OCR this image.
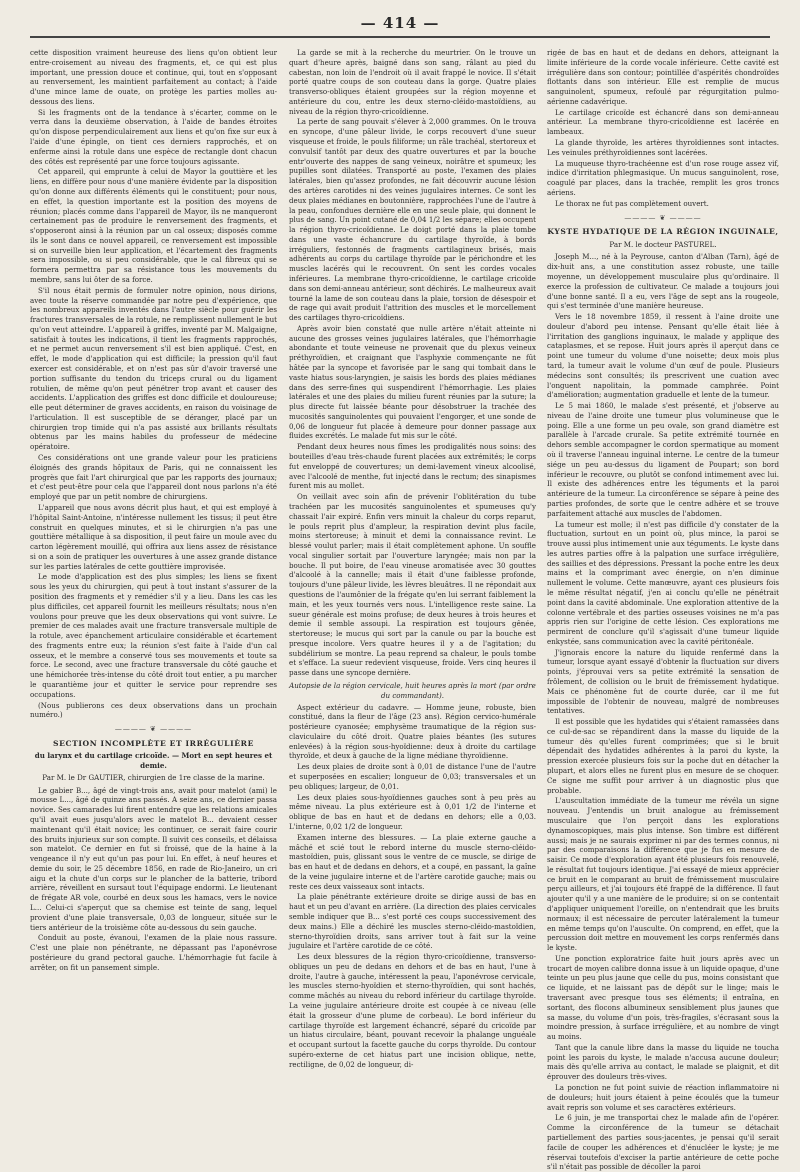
— 414 —

cette disposition vraiment heureuse des liens qu'on obtient leur entre-croisement au niveau des fragments, et, ce qui est plus important, une pression douce et continue, qui, tout en s'opposant au renversement, les maintient parfaitement au contact; à l'aide d'une mince lame de ouate, on protège les parties molles au-dessous des liens.

Si les fragments ont de la tendance à s'écarter, comme on le verra dans la deuxième observation, à l'aide de bandes étroites qu'on dispose perpendiculairement aux liens et qu'on fixe sur eux à l'aide d'une épingle, on tient ces derniers rapprochés, et on enferme ainsi la rotule dans une espèce de rectangle dont chacun des côtés est représenté par une force toujours agissante.

Cet appareil, qui emprunte à celui de Mayor la gouttière et les liens, en diffère pour nous d'une manière évidente par la disposition qu'on donne aux différents éléments qui le constituent; pour nous, en effet, la question importante est la position des moyens de réunion; placés comme dans l'appareil de Mayor, ils ne manqueront certainement pas de produire le renversement des fragments, et s'opposeront ainsi à la réunion par un cal osseux; disposés comme ils le sont dans ce nouvel appareil, ce renversement est impossible si on surveille bien leur application, et l'écartement des fragments sera impossible, ou si peu considérable, que le cal fibreux qui se formera permettra par sa résistance tous les mouvements du membre, sans lui ôter de sa force.

S'il nous était permis de formuler notre opinion, nous dirions, avec toute la réserve commandée par notre peu d'expérience, que les nombreux appareils inventés dans l'autre siècle pour guérir les fractures transversales de la rotule, ne remplissent nullement le but qu'on veut atteindre. L'appareil à griffes, inventé par M. Malgaigne, satisfait à toutes les indications, il tient les fragments rapprochés, et ne permet aucun renversement s'il est bien appliqué. C'est, en effet, le mode d'application qui est difficile; la pression qu'il faut exercer est considérable, et on n'est pas sûr d'avoir traversé une portion suffisante du tendon du triceps crural ou du ligament rotulien, de même qu'on peut pénétrer trop avant et causer des accidents. L'application des griffes est donc difficile et douloureuse; elle peut déterminer de graves accidents, en raison du voisinage de l'articulation. Il est susceptible de se déranger, placé par un chirurgien trop timide qui n'a pas assisté aux brillants résultats obtenus par les mains habiles du professeur de médecine opératoire.

Ces considérations ont une grande valeur pour les praticiens éloignés des grands hôpitaux de Paris, qui ne connaissent les progrès que fait l'art chirurgical que par les rapports des journaux; et c'est peut-être pour cela que l'appareil dont nous parlons n'a été employé que par un petit nombre de chirurgiens.

L'appareil que nous avons décrit plus haut, et qui est employé à l'hôpital Saint-Antoine, n'intéresse nullement les tissus; il peut être construit en quelques minutes, et si le chirurgien n'a pas une gouttière métallique à sa disposition, il peut faire un moule avec du carton légèrement mouillé, qui offrira aux liens assez de résistance si on a soin de pratiquer les ouvertures à une assez grande distance sur les parties latérales de cette gouttière improvisée.

Le mode d'application est des plus simples; les liens se fixent sous les yeux du chirurgien, qui peut à tout instant s'assurer de la position des fragments et y remédier s'il y a lieu. Dans les cas les plus difficiles, cet appareil fournit les meilleurs résultats; nous n'en voulons pour preuve que les deux observations qui vont suivre. Le premier de ces malades avait une fracture transversale multiple de la rotule, avec épanchement articulaire considérable et écartement des fragments entre eux; la réunion s'est faite à l'aide d'un cal osseux, et le membre a conservé tous ses mouvements et toute sa force. Le second, avec une fracture transversale du côté gauche et une hémichorée très-intense du côté droit tout entier, a pu marcher le quarantième jour et quitter le service pour reprendre ses occupations.

(Nous publierons ces deux observations dans un prochain numéro.)

———— ❦ ————
SECTION INCOMPLÈTE ET IRRÉGULIÈRE
du larynx et du cartilage cricoïde. — Mort en sept heures et demie.
Par M. le Dr GAUTIER, chirurgien de 1re classe de la marine.

Le gabier B..., âgé de vingt-trois ans, avait pour matelot (ami) le mousse L..., âgé de quinze ans passés. A seize ans, ce dernier passa novice. Ses camarades lui firent entendre que les relations amicales qu'il avait eues jusqu'alors avec le matelot B... devaient cesser maintenant qu'il était novice; les continuer, ce serait faire courir des bruits injurieux sur son compte. Il suivit ces conseils, et délaissa son matelot. Ce dernier en fut si froissé, que de la haine à la vengeance il n'y eut qu'un pas pour lui. En effet, à neuf heures et demie du soir, le 25 décembre 1856, en rade de Rio-Janeiro, un cri aigu et la chute d'un corps sur le plancher de la batterie, tribord arrière, réveillent en sursaut tout l'équipage endormi. Le lieutenant de frégate AR vole, courbé en deux sous les hamacs, vers le novice L... Celui-ci s'aperçut que sa chemise est teinte de sang, lequel provient d'une plaie transversale, 0,03 de longueur, située sur le tiers antérieur de la troisième côte au-dessous du sein gauche.

Conduit au poste, évanoui, l'examen de la plaie nous rassure. C'est une plaie non pénétrante, ne dépassant pas l'aponévrose postérieure du grand pectoral gauche. L'hémorrhagie fut facile à arrêter, on fit un pansement simple.

La garde se mit à la recherche du meurtrier. On le trouve un quart d'heure après, baigné dans son sang, râlant au pied du cabestan, non loin de l'endroit où il avait frappé le novice. Il s'était porté quatre coups de son couteau dans la gorge. Quatre plaies transverso-obliques étaient groupées sur la région moyenne et antérieure du cou, entre les deux sterno-cléido-mastoïdiens, au niveau de la région thyro-cricoïdienne.

La perte de sang pouvait s'élever à 2,000 grammes. On le trouva en syncope, d'une pâleur livide, le corps recouvert d'une sueur visqueuse et froide, le pouls filiforme; un râle trachéal, stertoreux et convulsif tantôt par deux des quatre ouvertures et par la bouche entr'ouverte des nappes de sang veineux, noirâtre et spumeux; les pupilles sont dilatées. Transporté au poste, l'examen des plaies latérales, bien qu'assez profondes, ne fait découvrir aucune lésion des artères carotides ni des veines jugulaires internes. Ce sont les deux plaies médianes en boutonnière, rapprochées l'une de l'autre à la peau, confondues dernière elle en une seule plaie, qui donnent le plus de sang. Un point cutané de 0,04 1/2 les sépare; elles occupent la région thyro-cricoïdienne. Le doigt porté dans la plaie tombe dans une vaste échancrure du cartilage thyroïde, à bords irréguliers, festonnés de fragments cartilagineux brisés, mais adhérents au corps du cartilage thyroïde par le périchondre et les muscles lacérés qui le recouvrent. On sent les cordes vocales inférieures. La membrane thyro-cricoïdienne, le cartilage cricoïde dans son demi-anneau antérieur, sont déchirés. Le malheureux avait tourné la lame de son couteau dans la plaie, torsion de désespoir et de rage qui avait produit l'attrition des muscles et le morcellement des cartilages thyro-cricoïdiens.

Après avoir bien constaté que nulle artère n'était atteinte ni aucune des grosses veines jugulaires latérales, que l'hémorrhagie abondante et toute veineuse ne provenait que du plexus veineux préthyroïdien, et craignant que l'asphyxie commençante ne fût hâtée par la syncope et favorisée par le sang qui tombait dans le vaste hiatus sous-laryngien, je saisis les bords des plaies médianes dans des serre-fines qui suspendirent l'hémorrhagie. Les plaies latérales et une des plaies du milieu furent réunies par la suture; la plus directe fut laissée béante pour désobstruer la trachée des mucosités sanguinolentes qui pouvaient l'engorger, et une sonde de 0,06 de longueur fut placée à demeure pour donner passage aux fluides excrétés. Le malade fut mis sur le côté.

Pendant deux heures nous fîmes les prodigalités nous soins: des bouteilles d'eau très-chaude furent placées aux extrémités; le corps fut enveloppé de couvertures; un demi-lavement vineux alcoolisé, avec l'alcoolé de menthe, fut injecté dans le rectum; des sinapismes furent mis au mollet.

On veillait avec soin afin de prévenir l'oblitération du tube trachéen par les mucosités sanguinolentes et spumeuses qu'y chassait l'air expiré. Enfin vers minuit la chaleur du corps reparut, le pouls reprit plus d'ampleur, la respiration devint plus facile, moins stertoreuse; à minuit et demi la connaissance revint. Le blessé voulut parler; mais il était complètement aphone. Un souffle vocal singulier sortait par l'ouverture laryngée; mais non par la bouche. Il put boire, de l'eau vineuse aromatisée avec 30 gouttes d'alcoolé à la cannelle; mais il était d'une faiblesse profonde, toujours d'une pâleur livide, les lèvres bleuâtres. Il ne répondait aux questions de l'aumônier de la frégate qu'en lui serrant faiblement la main, et les yeux tournés vers nous. L'intelligence reste saine. La sueur générale est moins profuse; de deux heures à trois heures et demie il semble assoupi. La respiration est toujours gênée, stertoreuse; le mucus qui sort par la canule ou par la bouche est presque incolore. Vers quatre heures il y a de l'agitation; du subdélirium se montre. La peau reprend sa chaleur, le pouls tombe et s'efface. La sueur redevient visqueuse, froide. Vers cinq heures il passe dans une syncope dernière.

Autopsie de la région cervicale, huit heures après la mort (par ordre du commandant).

Aspect extérieur du cadavre. — Homme jeune, robuste, bien constitué, dans la fleur de l'âge (23 ans). Région cervico-humérale postérieure cyanosée; emphysème traumatique de la région sus-claviculaire du côté droit. Quatre plaies béantes (les sutures enlevées) à la région sous-hyoïdienne: deux à droite du cartilage thyroïde, et deux à gauche de la ligne médiane thyroïdienne.

Les deux plaies de droite sont à 0,01 de distance l'une de l'autre et superposées en escalier; longueur de 0,03; transversales et un peu obliques; largeur, de 0,01.

Les deux plaies sous-hyoïdiennes gauches sont à peu près au même niveau. La plus extérieure est à 0,01 1/2 de l'interne et oblique de bas en haut et de dedans en dehors; elle a 0,03. L'interne, 0,02 1/2 de longueur.

Examen interne des blessures. — La plaie externe gauche a mâché et scié tout le rebord interne du muscle sterno-cléido-mastoïdien, puis, glissant sous le ventre de ce muscle, se dirige de bas en haut et de dedans en dehors, et a coupé, en passant, la gaîne de la veine jugulaire interne et de l'artère carotide gauche; mais ou reste ces deux vaisseaux sont intacts.

La plaie pénétrante extérieure droite se dirige aussi de bas en haut et un peu d'avant en arrière. (La direction des plaies cervicales semble indiquer que B... s'est porté ces coups successivement des deux mains.) Elle a déchiré les muscles sterno-cléido-mastoïdien, sterno-thyroïdien droits, sans arriver tout à fait sur la veine jugulaire et l'artère carotide de ce côté.

Les deux blessures de la région thyro-cricoïdienne, transverso-obliques un peu de dedans en dehors et de bas en haut, l'une à droite, l'autre à gauche, intéressent la peau, l'aponévrose cervicale, les muscles sterno-hyoïdien et sterno-thyroïdien, qui sont hachés, comme mâchés au niveau du rebord inférieur du cartilage thyroïde. La veine jugulaire antérieure droite est coupée à ce niveau (elle était la grosseur d'une plume de corbeau). Le bord inférieur du cartilage thyroïde est largement échancré, séparé du cricoïde par un hiatus circulaire, béant, pouvant recevoir la phalange unguéale et occupant surtout la facette gauche du corps thyroïde. Du contour supéro-externe de cet hiatus part une incision oblique, nette, rectiligne, de 0,02 de longueur, di-

rigée de bas en haut et de dedans en dehors, atteignant la limite inférieure de la corde vocale inférieure. Cette cavité est irrégulière dans son contour; pointillée d'aspérités chondroïdes flottants dans son intérieur. Elle est remplie de mucus sanguinolent, spumeux, refoulé par régurgitation pulmo-aérienne cadavérique.

Le cartilage cricoïde est échancré dans son demi-anneau antérieur. La membrane thyro-cricoïdienne est lacérée en lambeaux.

La glande thyroïde, les artères thyroïdiennes sont intactes. Les veinules préthyroïdiennes sont lacérées.

La muqueuse thyro-trachéenne est d'un rose rouge assez vif, indice d'irritation phlegmasique. Un mucus sanguinolent, rose, coagulé par places, dans la trachée, remplit les gros troncs aériens.

Le thorax ne fut pas complètement ouvert.

———— ❦ ————
KYSTE HYDATIQUE DE LA RÉGION INGUINALE,
Par M. le docteur PASTUREL.

Joseph M..., né à la Peyrouse, canton d'Alban (Tarn), âgé de dix-huit ans, a une constitution assez robuste, une taille moyenne, un développement musculaire plus qu'ordinaire. Il exerce la profession de cultivateur. Ce malade a toujours joui d'une bonne santé. Il a eu, vers l'âge de sept ans la rougeole, qui s'est terminée d'une manière heureuse.

Vers le 18 novembre 1859, il ressent à l'aine droite une douleur d'abord peu intense. Pensant qu'elle était liée à l'irritation des ganglions inguinaux, le malade y applique des cataplasmes, et se repose. Huit jours après il aperçut dans ce point une tumeur du volume d'une noisette; deux mois plus tard, la tumeur avait le volume d'un œuf de poule. Plusieurs médecins sont consultés; ils prescrivent une cuation avec l'onguent napolitain, la pommade camphrée. Point d'amélioration; augmentation graduelle et lente de la tumeur.

Le 5 mai 1860, le malade s'est présenté, et j'observe au niveau de l'aine droite une tumeur plus volumineuse que le poing. Elle a une forme un peu ovale, son grand diamètre est parallèle à l'arcade crurale. Sa petite extrémité tournée en dehors semble accompagner le cordon spermatique au moment où il traverse l'anneau inguinal interne. Le centre de la tumeur siége un peu au-dessus du ligament de Poupart; son bord inférieur le recouvre, ou plutôt se confond intimement avec lui. Il existe des adhérences entre les téguments et la paroi antérieure de la tumeur. La circonférence se sépare à peine des parties profondes, de sorte que le centre adhère et se trouve parfaitement attaché aux muscles de l'abdomen.

La tumeur est molle; il n'est pas difficile d'y constater de la fluctuation, surtout en un point où, plus mince, la paroi se trouve aussi plus intimement unie aux téguments. Le kyste dans les autres parties offre à la palpation une surface irrégulière, des saillies et des dépressions. Pressant la poche entre les deux mains et la comprimant avec énergie, on n'en diminue nullement le volume. Cette manœuvre, ayant ces plusieurs fois le même résultat négatif, j'en ai conclu qu'elle ne pénétrait point dans la cavité abdominale. Une exploration attentive de la colonne vertébrale et des parties osseuses voisines ne m'a pas appris rien sur l'origine de cette lésion. Ces explorations me permirent de conclure qu'il s'agissait d'une tumeur liquide enkystée, sans communication avec la cavité péritonéale.

J'ignorais encore la nature du liquide renfermé dans la tumeur, lorsque ayant essayé d'obtenir la fluctuation sur divers points, j'éprouvai vers sa petite extrémité la sensation de frôlement, de collision ou le bruit de frémissement hydatique. Mais ce phénomène fut de courte durée, car il me fut impossible de l'obtenir de nouveau, malgré de nombreuses tentatives.

Il est possible que les hydatides qui s'étaient ramassées dans ce cul-de-sac se répandirent dans la masse du liquide de la tumeur dès qu'elles furent comprimées; que si le bruit dépendait des hydatides adhérentes à la paroi du kyste, la pression exercée plusieurs fois sur la poche dut en détacher la plupart, et alors elles ne furent plus en mesure de se choquer. Ce signe me suffit pour arriver à un diagnostic plus que probable.

L'auscultation immédiate de la tumeur me révéla un signe nouveau. J'entendis un bruit analogue au frémissement musculaire que l'on perçoit dans les explorations dynamoscopiques, mais plus intense. Son timbre est différent aussi; mais je ne saurais exprimer ni par des termes connus, ni par des comparaisons la différence que je fus en mesure de saisir. Ce mode d'exploration ayant été plusieurs fois renouvelé, le résultat fut toujours identique. J'ai essayé de mieux apprécier ce bruit en le comparant au bruit de frémissement musculaire perçu ailleurs, et j'ai toujours été frappé de la différence. Il faut ajouter qu'il y a une manière de le produire; si on se contentait d'appliquer uniquement l'oreille, on n'entendrait que les bruits normaux; il est nécessaire de percuter latéralement la tumeur en même temps qu'on l'ausculte. On comprend, en effet, que la percussion doit mettre en mouvement les corps renfermés dans le kyste.

Une ponction exploratrice faite huit jours après avec un trocart de moyen calibre donna issue à un liquide opaque, d'une teinte un peu plus jaune que celle du pus, moins consistant que ce liquide, et ne laissant pas de dépôt sur le linge; mais le traversant avec presque tous ses éléments; il entraîna, en sortant, des flocons albumineux sensiblement plus jaunes que sa masse, du volume d'un pois, très-fragiles, s'écrasant sous la moindre pression, à surface irrégulière, et au nombre de vingt au moins.

Tant que la canule libre dans la masse du liquide ne toucha point les parois du kyste, le malade n'accusa aucune douleur; mais dès qu'elle arriva au contact, le malade se plaignit, et dit éprouver des douleurs très-vives.

La ponction ne fut point suivie de réaction inflammatoire ni de douleurs; huit jours étaient à peine écoulés que la tumeur avait repris son volume et ses caractères extérieurs.

Le 6 juin, je me transportai chez le malade afin de l'opérer. Comme la circonférence de la tumeur se détachait partiellement des parties sous-jacentes, je pensai qu'il serait facile de couper les adhérences et d'énucléer le kyste; je me réservai toutefois d'exciser la partie antérieure de cette poche s'il n'était pas possible de décoller la paroi
